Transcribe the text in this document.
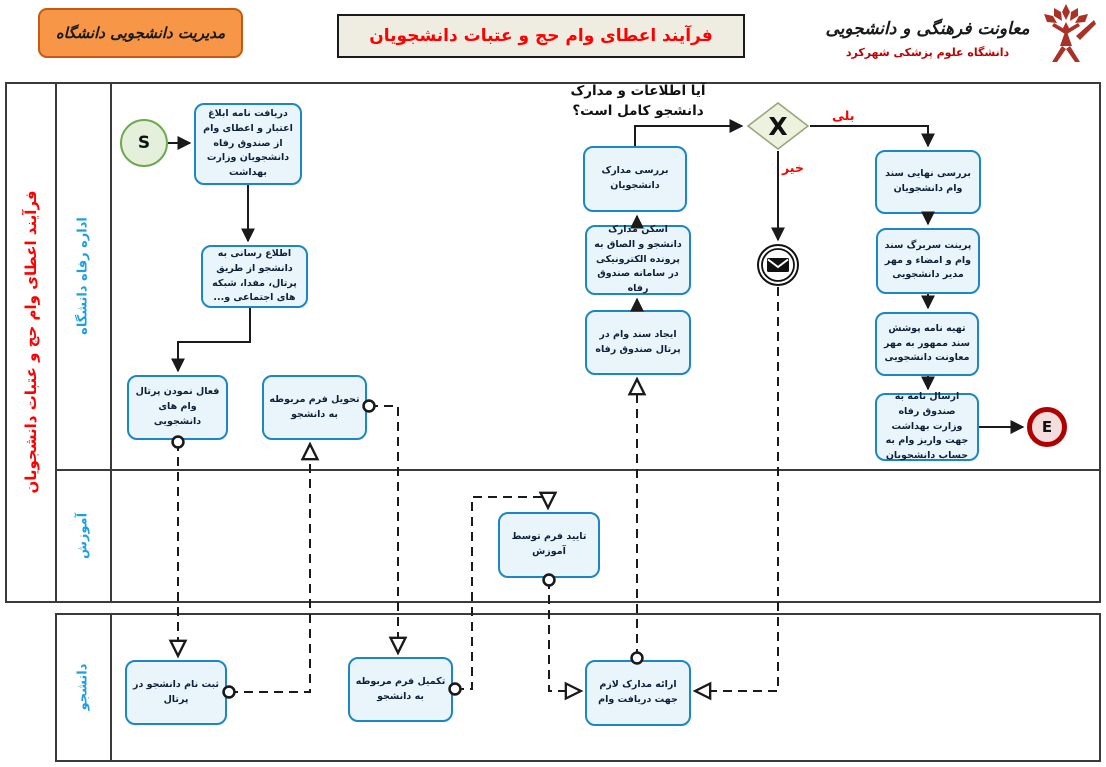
مدیریت دانشجویی دانشگاه	فرآیند اعطای وام حج و عتبات دانشجویان	معاونت فرهنگی و دانشجویی
دانشگاه علوم پزشکی شهرکرد
فرآیند اعطای وام حج و عتبات دانشجویان	اداره رفاه دانشگاه
آموزش
دانشجو
S
E
X
آیا اطلاعات و مدارک دانشجو کامل است؟	بلی
خیر
دریافت نامه ابلاغ اعتبار و اعطای وام از صندوق رفاه دانشجویان وزارت بهداشت
اطلاع رسانی به دانشجو از طریق پرتال، مفدا، شبکه های اجتماعی و...
فعال نمودن پرتال وام های دانشجویی
تحویل فرم مربوطه به دانشجو
بررسی مدارک دانشجویان
اسکن مدارک دانشجو و الصاق به پرونده الکترونیکی در سامانه صندوق رفاه
ایجاد سند وام در پرتال صندوق رفاه
بررسی نهایی سند وام دانشجویان
پرینت سربرگ سند وام و امضاء و مهر مدیر دانشجویی
تهیه نامه پوشش سند ممهور به مهر معاونت دانشجویی
ارسال نامه به صندوق رفاه وزارت بهداشت جهت واریز وام به حساب دانشجویان
تایید فرم توسط آموزش
ثبت نام دانشجو در پرتال
تکمیل فرم مربوطه به دانشجو
ارائه مدارک لازم جهت دریافت وام
